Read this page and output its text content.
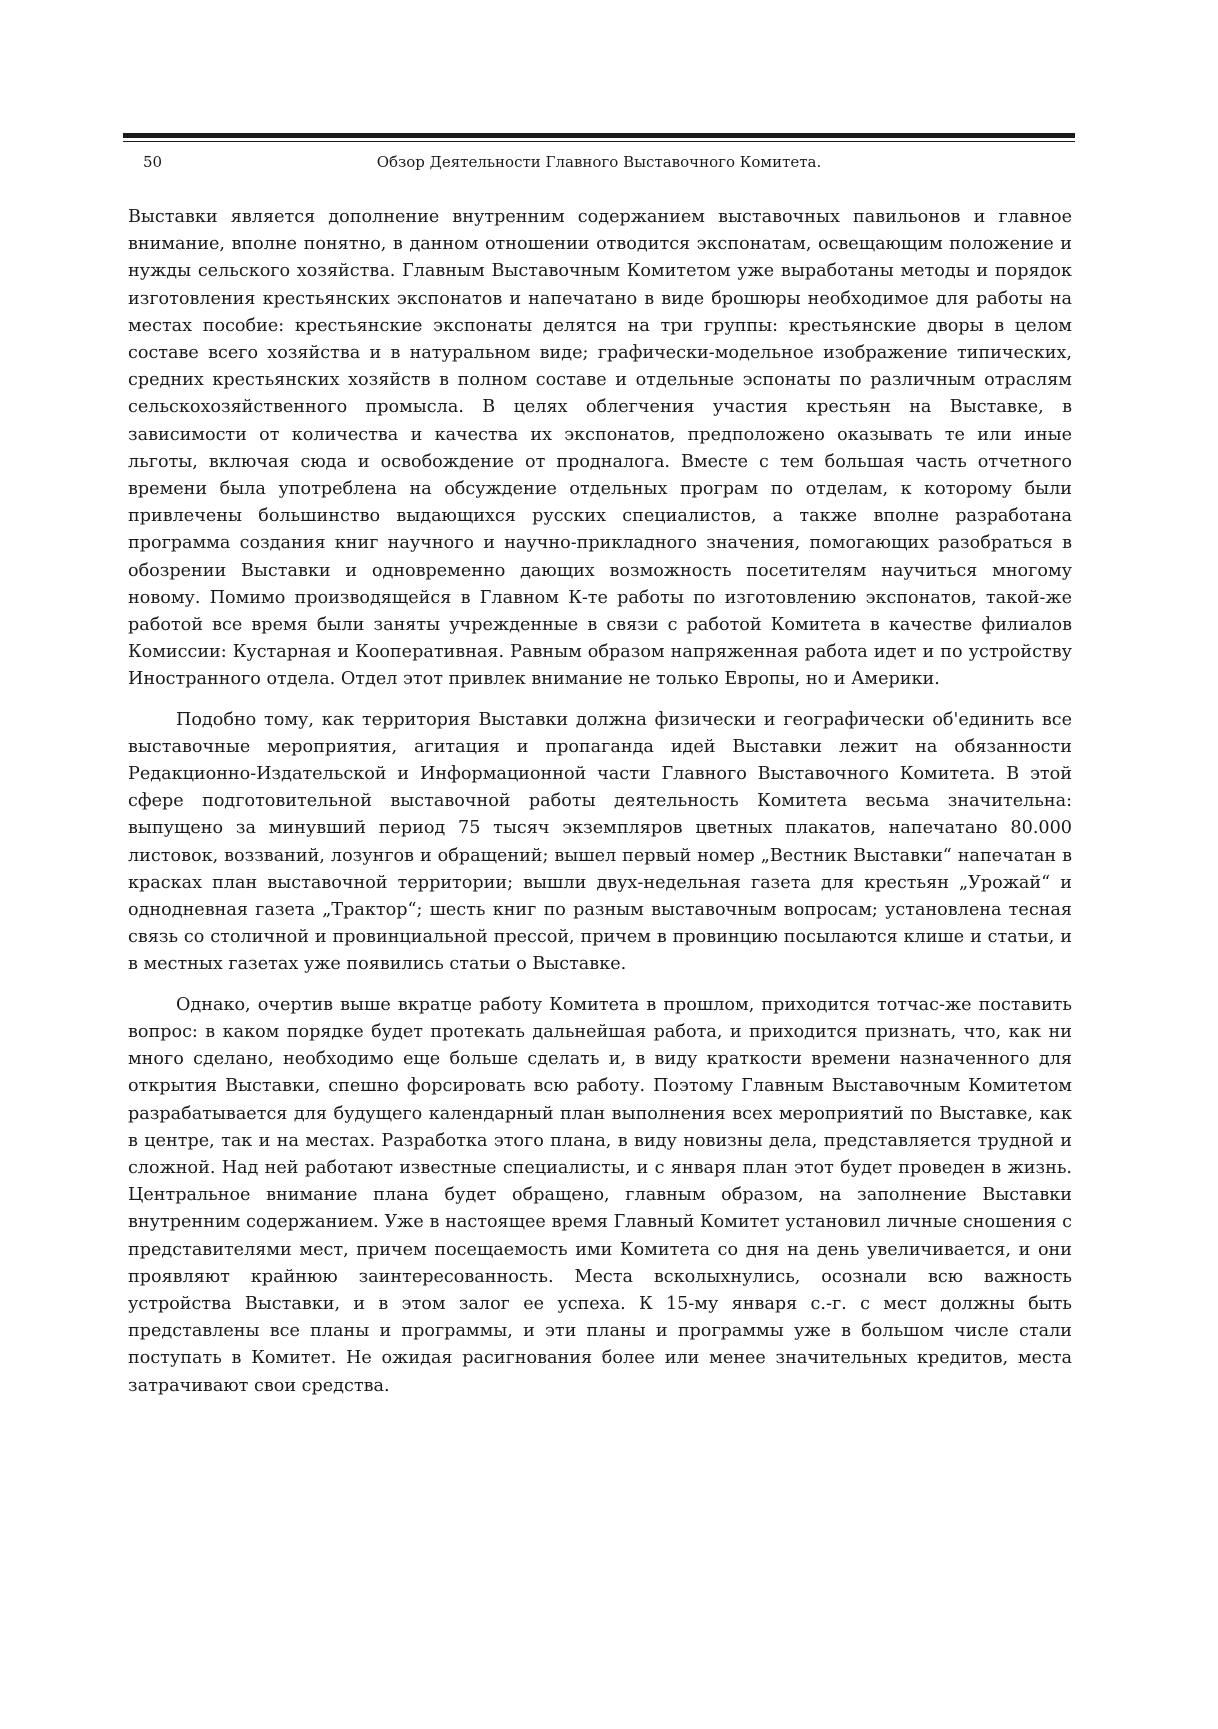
50	Обзор Деятельности Главного Выставочного Комитета.

Выставки является дополнение внутренним содержанием выставочных павильонов и главное внимание, вполне понятно, в данном отношении отводится экспонатам, освещающим положение и нужды сельского хозяйства. Главным Выставочным Комитетом уже выработаны методы и порядок изготовления крестьянских экспонатов и напечатано в виде брошюры необходимое для работы на местах пособие: крестьянские экспонаты делятся на три группы: крестьянские дворы в целом составе всего хозяйства и в натуральном виде; графически-модельное изображение типических, средних крестьянских хозяйств в полном составе и отдельные эспонаты по различным отраслям сельскохозяйственного промысла. В целях облегчения участия крестьян на Выставке, в зависимости от количества и качества их экспонатов, предположено оказывать те или иные льготы, включая сюда и освобождение от продналога. Вместе с тем большая часть отчетного времени была употреблена на обсуждение отдельных програм по отделам, к которому были привлечены большинство выдающихся русских специалистов, а также вполне разработана программа создания книг научного и научно-прикладного значения, помогающих разобраться в обозрении Выставки и одновременно дающих возможность посетителям научиться многому новому. Помимо производящейся в Главном К-те работы по изготовлению экспонатов, такой-же работой все время были заняты учрежденные в связи с работой Комитета в качестве филиалов Комиссии: Кустарная и Кооперативная. Равным образом напряженная работа идет и по устройству Иностранного отдела. Отдел этот привлек внимание не только Европы, но и Америки.

Подобно тому, как территория Выставки должна физически и географически об'единить все выставочные мероприятия, агитация и пропаганда идей Выставки лежит на обязанности Редакционно-Издательской и Информационной части Главного Выставочного Комитета. В этой сфере подготовительной выставочной работы деятельность Комитета весьма значительна: выпущено за минувший период 75 тысяч экземпляров цветных плакатов, напечатано 80.000 листовок, воззваний, лозунгов и обращений; вышел первый номер „Вестник Выставки“ напечатан в красках план выставочной территории; вышли двух-недельная газета для крестьян „Урожай“ и однодневная газета „Трактор“; шесть книг по разным выставочным вопросам; установлена тесная связь со столичной и провинциальной прессой, причем в провинцию посылаются клише и статьи, и в местных газетах уже появились статьи о Выставке.

Однако, очертив выше вкратце работу Комитета в прошлом, приходится тотчас-же поставить вопрос: в каком порядке будет протекать дальнейшая работа, и приходится признать, что, как ни много сделано, необходимо еще больше сделать и, в виду краткости времени назначенного для открытия Выставки, спешно форсировать всю работу. Поэтому Главным Выставочным Комитетом разрабатывается для будущего календарный план выполнения всех мероприятий по Выставке, как в центре, так и на местах. Разработка этого плана, в виду новизны дела, представляется трудной и сложной. Над ней работают известные специалисты, и с января план этот будет проведен в жизнь. Центральное внимание плана будет обращено, главным образом, на заполнение Выставки внутренним содержанием. Уже в настоящее время Главный Комитет установил личные сношения с представителями мест, причем посещаемость ими Комитета со дня на день увеличивается, и они проявляют крайнюю заинтересованность. Места всколыхнулись, осознали всю важность устройства Выставки, и в этом залог ее успеха. К 15-му января с.-г. с мест должны быть представлены все планы и программы, и эти планы и программы уже в большом числе стали поступать в Комитет. Не ожидая расигнования более или менее значительных кредитов, места затрачивают свои средства.
